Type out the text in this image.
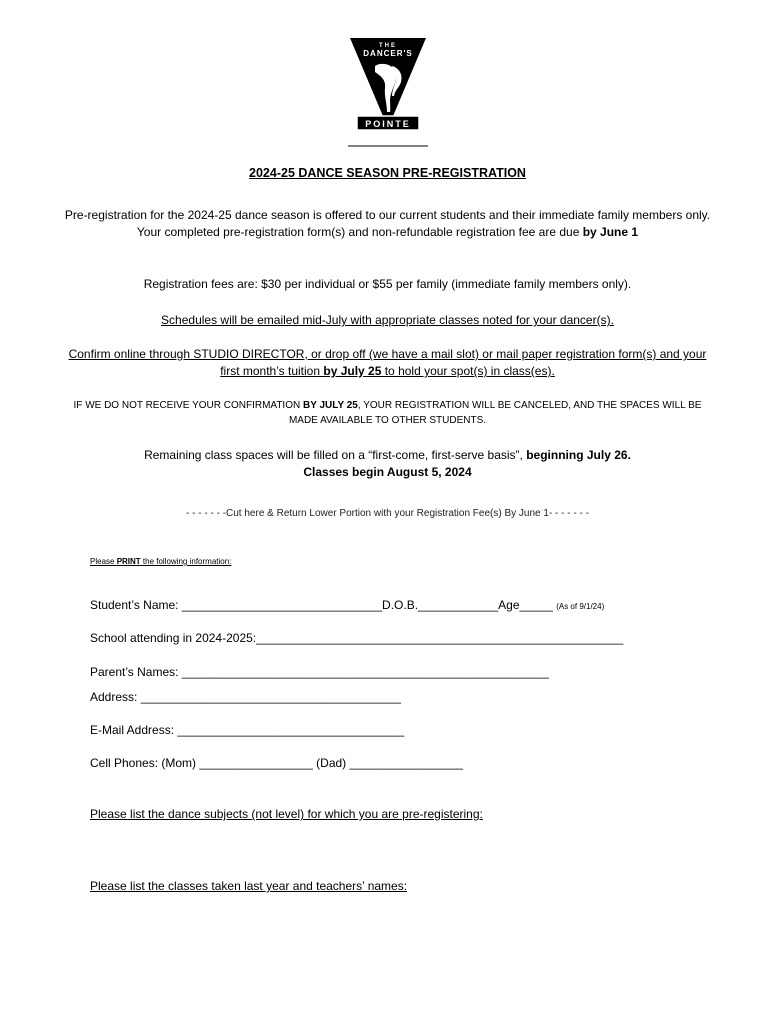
THE
DANCER'S
POINTE
2024-25 DANCE SEASON PRE-REGISTRATION
Pre-registration for the 2024-25 dance season is offered to our current students and their immediate family members only. Your completed pre-registration form(s) and non-refundable registration fee are due by June 1
Registration fees are: $30 per individual or $55 per family (immediate family members only).
Schedules will be emailed mid-July with appropriate classes noted for your dancer(s).
Confirm online through STUDIO DIRECTOR, or drop off (we have a mail slot) or mail paper registration form(s) and your first month’s tuition by July 25 to hold your spot(s) in class(es).
IF WE DO NOT RECEIVE YOUR CONFIRMATION BY JULY 25, YOUR REGISTRATION WILL BE CANCELED, AND THE SPACES WILL BE MADE AVAILABLE TO OTHER STUDENTS.
Remaining class spaces will be filled on a “first-come, first-serve basis”, beginning July 26.
Classes begin August 5, 2024
- - - - - - -Cut here & Return Lower Portion with your Registration Fee(s) By June 1- - - - - - -
Please PRINT the following information:
Student’s Name: ______________________________D.O.B.____________Age_____ (As of 9/1/24)
School attending in 2024-2025:_______________________________________________________
Parent’s Names: _______________________________________________________
Address: _______________________________________
E-Mail Address: __________________________________
Cell Phones: (Mom) _________________ (Dad) _________________
Please list the dance subjects (not level) for which you are pre-registering:
Please list the classes taken last year and teachers’ names:
